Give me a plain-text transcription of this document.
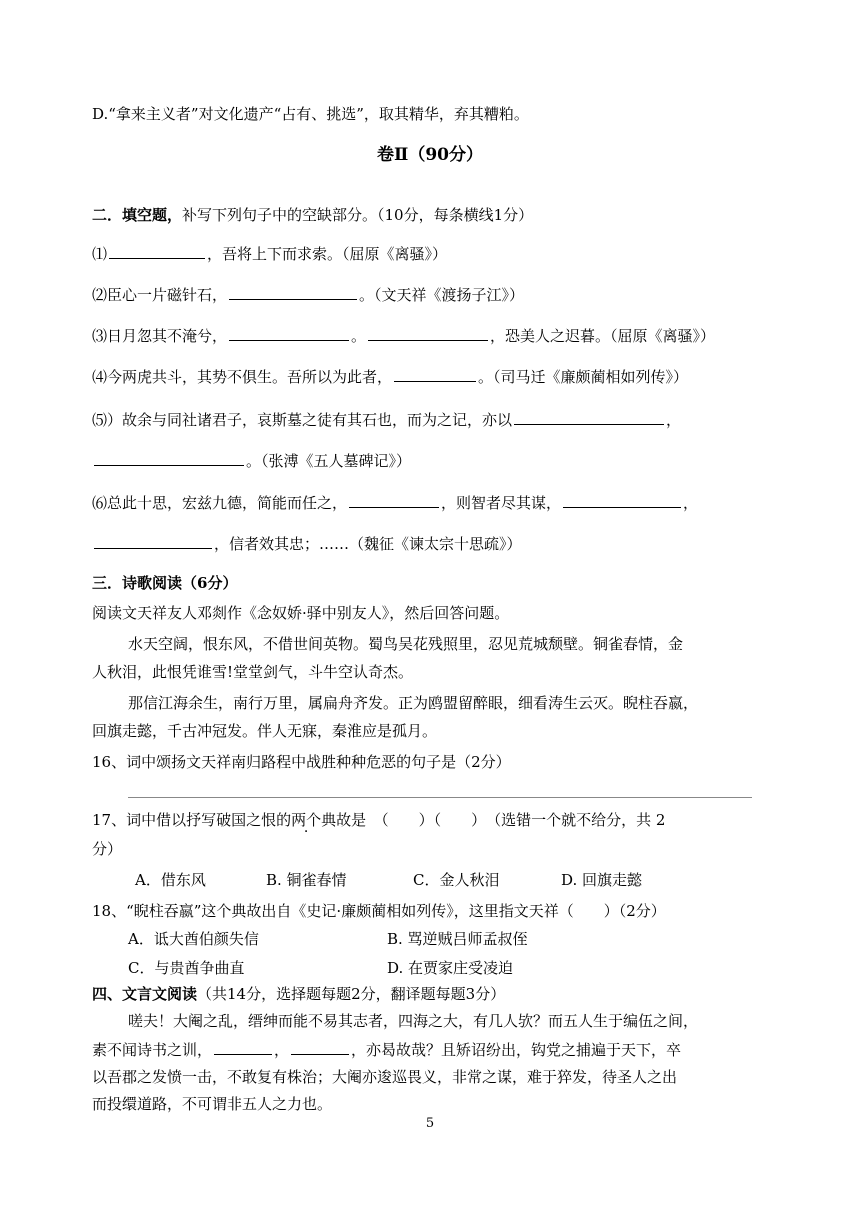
D.“拿来主义者”对文化遗产“占有、挑选”，取其精华，弃其糟粕。
卷Ⅱ（90分）
二．填空题，补写下列句子中的空缺部分。（10分，每条横线1分）
⑴	，吾将上下而求索。（屈原《离骚》）
⑵臣心一片磁针石，	。（文天祥《渡扬子江》）
⑶日月忽其不淹兮，	。	，恐美人之迟暮。（屈原《离骚》）
⑷今两虎共斗，其势不俱生。吾所以为此者，	。（司马迁《廉颇蔺相如列传》）
⑸）故余与同社诸君子，哀斯墓之徒有其石也，而为之记，亦以	，
。（张溥《五人墓碑记》）
⑹总此十思，宏兹九德，简能而任之，	，则智者尽其谋，	，
，信者效其忠；……（魏征《谏太宗十思疏》）
三．诗歌阅读（6分）
阅读文天祥友人邓剡作《念奴娇·驿中别友人》，然后回答问题。
水天空阔，恨东风，不借世间英物。蜀鸟吴花残照里，忍见荒城颓壁。铜雀春情，金
人秋泪，此恨凭谁雪!堂堂剑气，斗牛空认奇杰。
那信江海余生，南行万里，属扁舟齐发。正为鸥盟留醉眼，细看涛生云灭。睨柱吞嬴，
回旗走懿，千古冲冠发。伴人无寐，秦淮应是孤月。
16、词中颂扬文天祥南归路程中战胜种种危恶的句子是（2分）
17、词中借以抒写破国之恨的两个典故是　（　　）（　　）　（选错一个就不给分，共 2
分）
A．借东风	B. 铜雀春情	C．金人秋泪	D. 回旗走懿
18、“睨柱吞嬴”这个典故出自《史记·廉颇蔺相如列传》，这里指文天祥（　　）（2分）
A．诋大酋伯颜失信	B. 骂逆贼吕师孟叔侄
C．与贵酋争曲直	D. 在贾家庄受凌迫
四、文言文阅读（共14分，选择题每题2分，翻译题每题3分）
嗟夫！大阉之乱，缙绅而能不易其志者，四海之大，有几人欤？而五人生于编伍之间，
素不闻诗书之训，	，	，亦曷故哉？且矫诏纷出，钩党之捕遍于天下，卒
以吾郡之发愤一击，不敢复有株治；大阉亦逡巡畏义，非常之谋，难于猝发，待圣人之出
而投缳道路，不可谓非五人之力也。
5
